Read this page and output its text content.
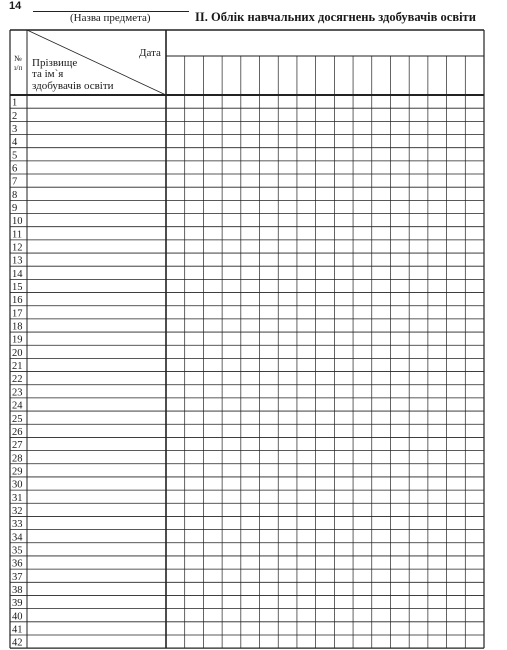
14
(Назва предмета)	II. Облік навчальних досягнень здобувачів освіти
№
з/п
Дата
Прізвище
та ім`я
здобувачів освіти
1
2
3
4
5
6
7
8
9
10
11
12
13
14
15
16
17
18
19
20
21
22
23
24
25
26
27
28
29
30
31
32
33
34
35
36
37
38
39
40
41
42
